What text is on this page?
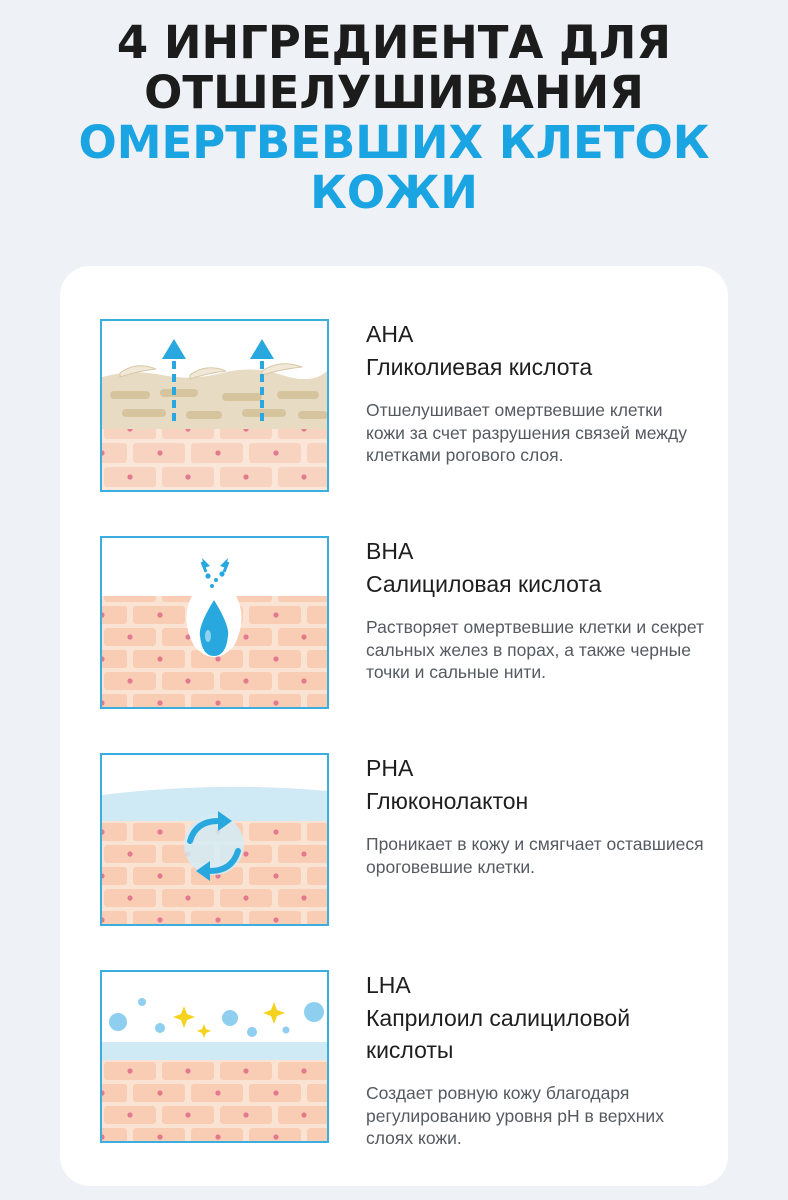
4 ИНГРЕДИЕНТА ДЛЯ
ОТШЕЛУШИВАНИЯ
ОМЕРТВЕВШИХ КЛЕТОК
КОЖИ
AHA
Гликолиевая кислота
Отшелушивает омертвевшие клетки кожи за счет разрушения связей между клетками рогового слоя.
BHA
Салициловая кислота
Растворяет омертвевшие клетки и секрет сальных желез в порах, а также черные точки и сальные нити.
PHA
Глюконолактон
Проникает в кожу и смягчает оставшиеся ороговевшие клетки.
LHA
Каприлоил салициловой кислоты
Создает ровную кожу благодаря регулированию уровня pH в верхних слоях кожи.
